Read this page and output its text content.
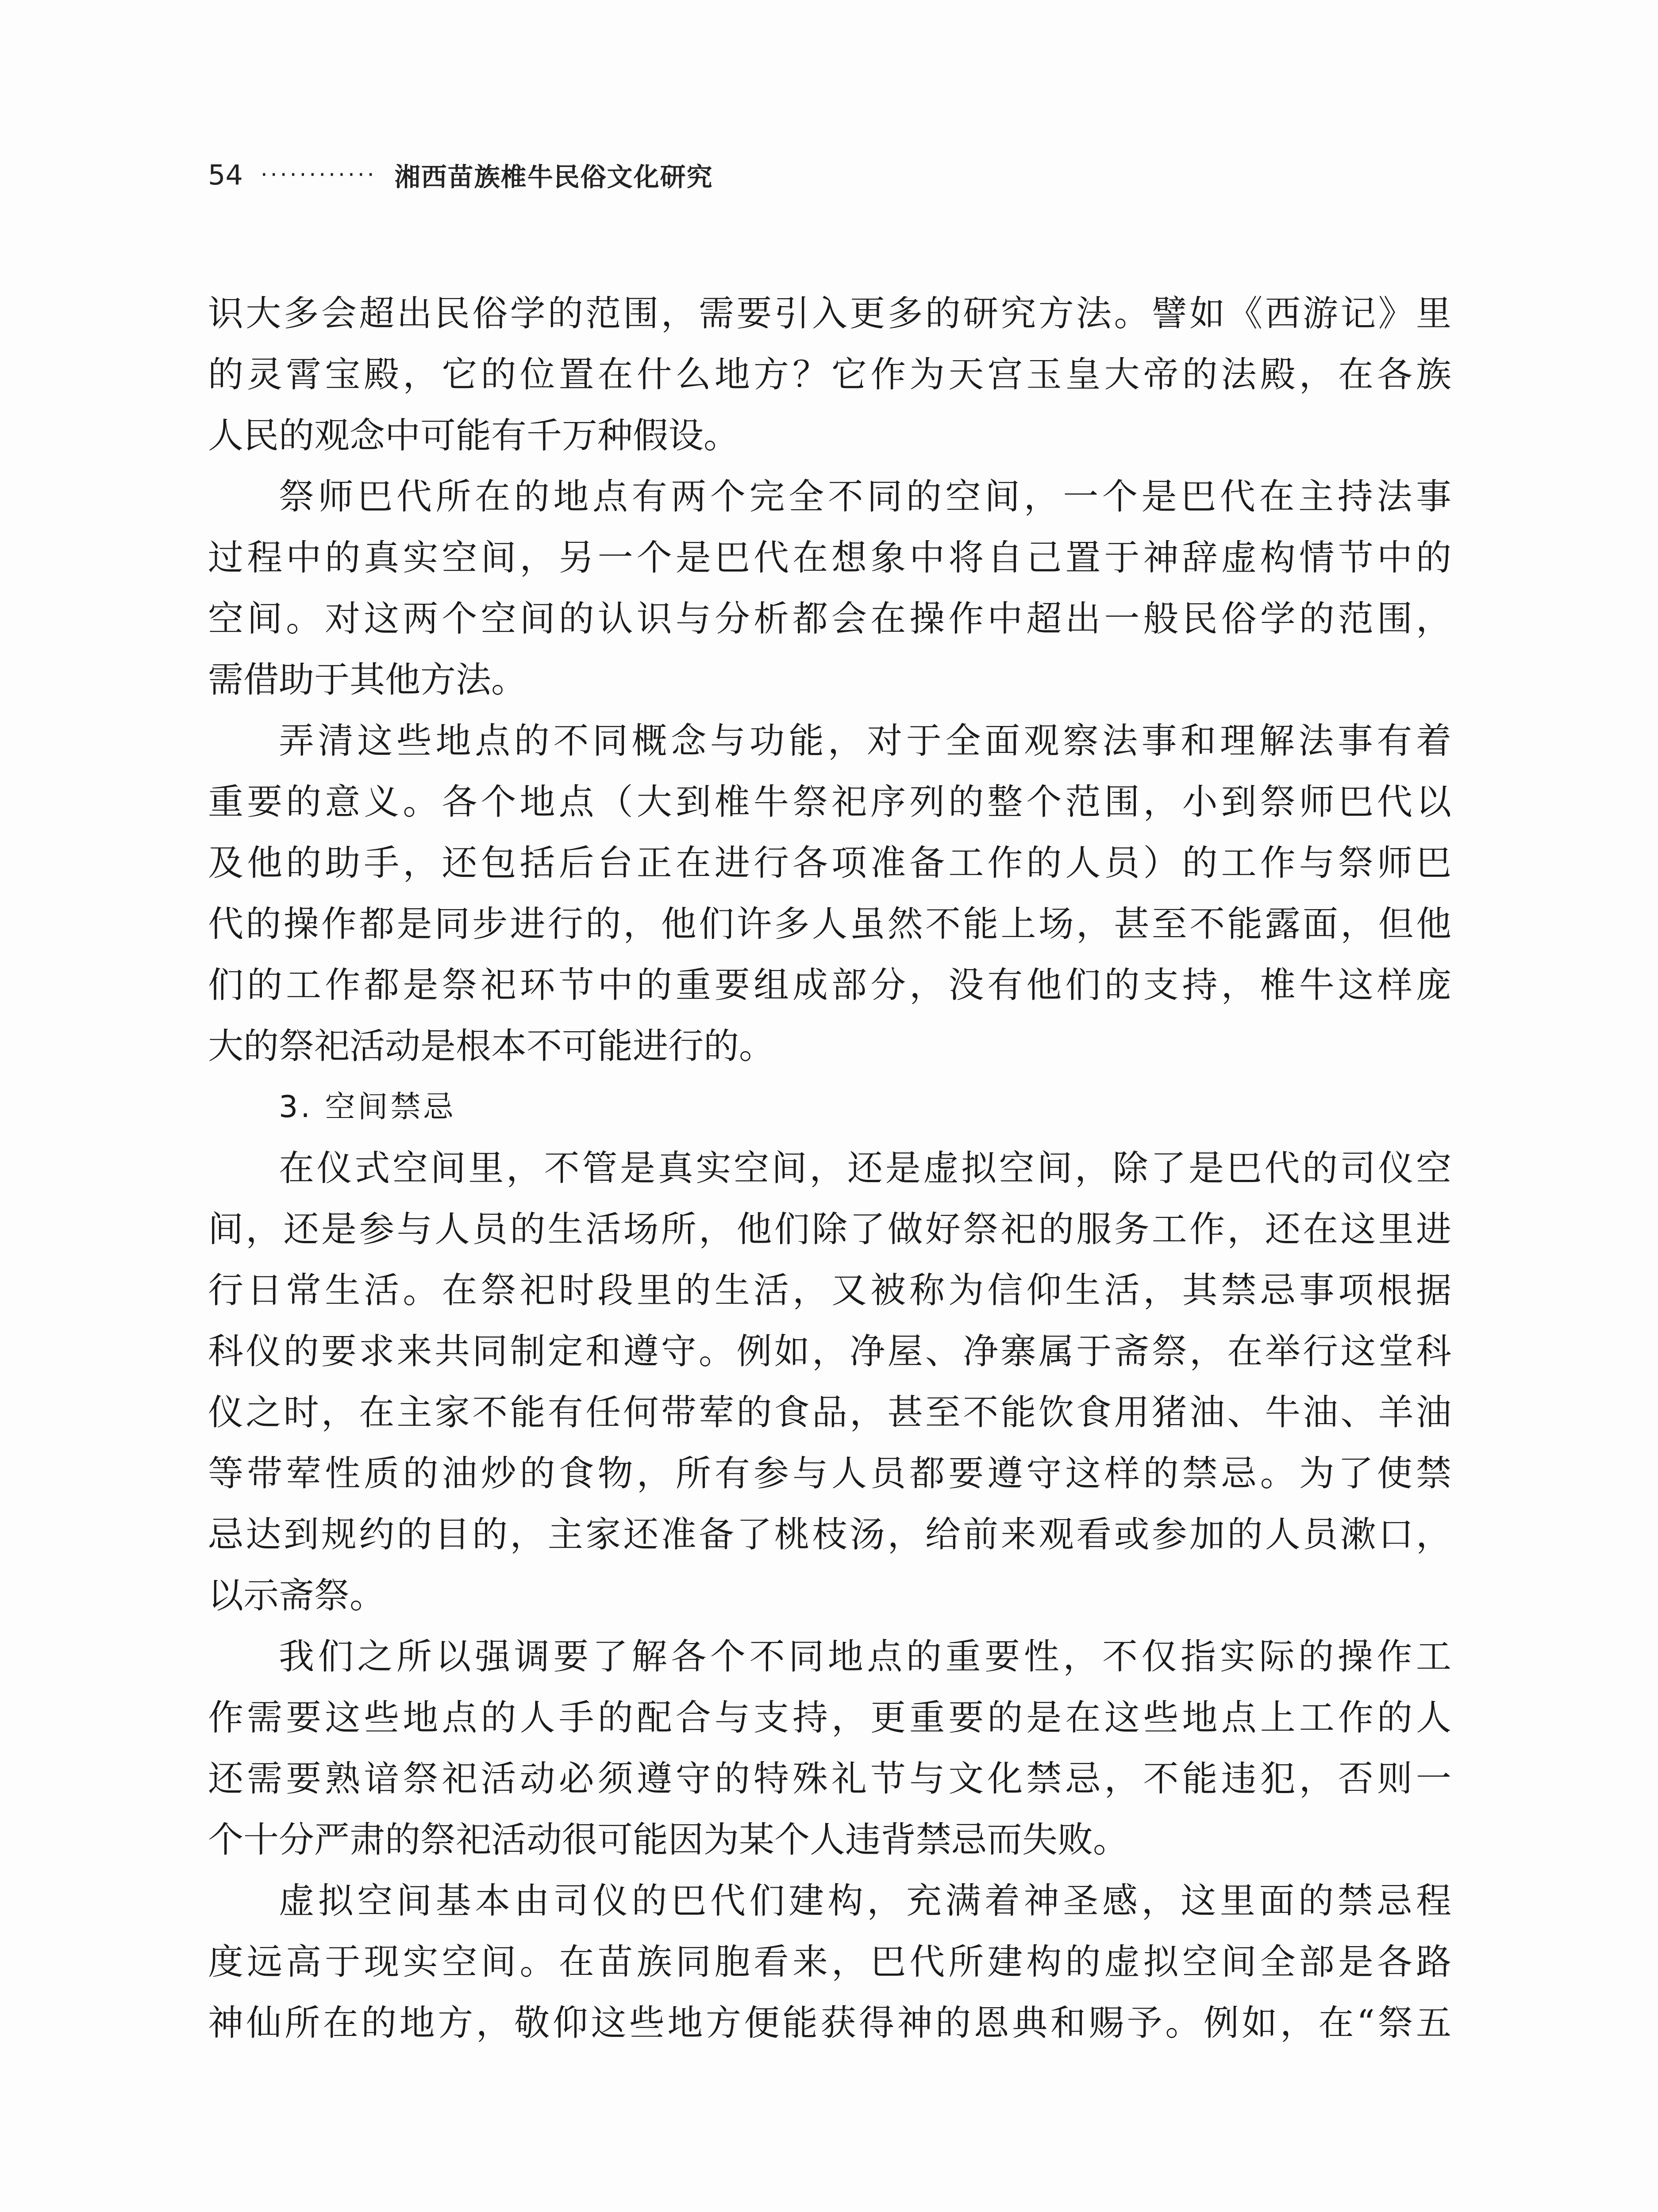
54 ············ 湘西苗族椎牛民俗文化研究
识大多会超出民俗学的范围，需要引入更多的研究方法。譬如《西游记》里
的灵霄宝殿，它的位置在什么地方？它作为天宫玉皇大帝的法殿，在各族
人民的观念中可能有千万种假设。
祭师巴代所在的地点有两个完全不同的空间，一个是巴代在主持法事
过程中的真实空间，另一个是巴代在想象中将自己置于神辞虚构情节中的
空间。对这两个空间的认识与分析都会在操作中超出一般民俗学的范围，
需借助于其他方法。
弄清这些地点的不同概念与功能，对于全面观察法事和理解法事有着
重要的意义。各个地点（大到椎牛祭祀序列的整个范围，小到祭师巴代以
及他的助手，还包括后台正在进行各项准备工作的人员）的工作与祭师巴
代的操作都是同步进行的，他们许多人虽然不能上场，甚至不能露面，但他
们的工作都是祭祀环节中的重要组成部分，没有他们的支持，椎牛这样庞
大的祭祀活动是根本不可能进行的。
3. 空间禁忌
在仪式空间里，不管是真实空间，还是虚拟空间，除了是巴代的司仪空
间，还是参与人员的生活场所，他们除了做好祭祀的服务工作，还在这里进
行日常生活。在祭祀时段里的生活，又被称为信仰生活，其禁忌事项根据
科仪的要求来共同制定和遵守。例如，净屋、净寨属于斋祭，在举行这堂科
仪之时，在主家不能有任何带荤的食品，甚至不能饮食用猪油、牛油、羊油
等带荤性质的油炒的食物，所有参与人员都要遵守这样的禁忌。为了使禁
忌达到规约的目的，主家还准备了桃枝汤，给前来观看或参加的人员漱口，
以示斋祭。
我们之所以强调要了解各个不同地点的重要性，不仅指实际的操作工
作需要这些地点的人手的配合与支持，更重要的是在这些地点上工作的人
还需要熟谙祭祀活动必须遵守的特殊礼节与文化禁忌，不能违犯，否则一
个十分严肃的祭祀活动很可能因为某个人违背禁忌而失败。
虚拟空间基本由司仪的巴代们建构，充满着神圣感，这里面的禁忌程
度远高于现实空间。在苗族同胞看来，巴代所建构的虚拟空间全部是各路
神仙所在的地方，敬仰这些地方便能获得神的恩典和赐予。例如，在“祭五
